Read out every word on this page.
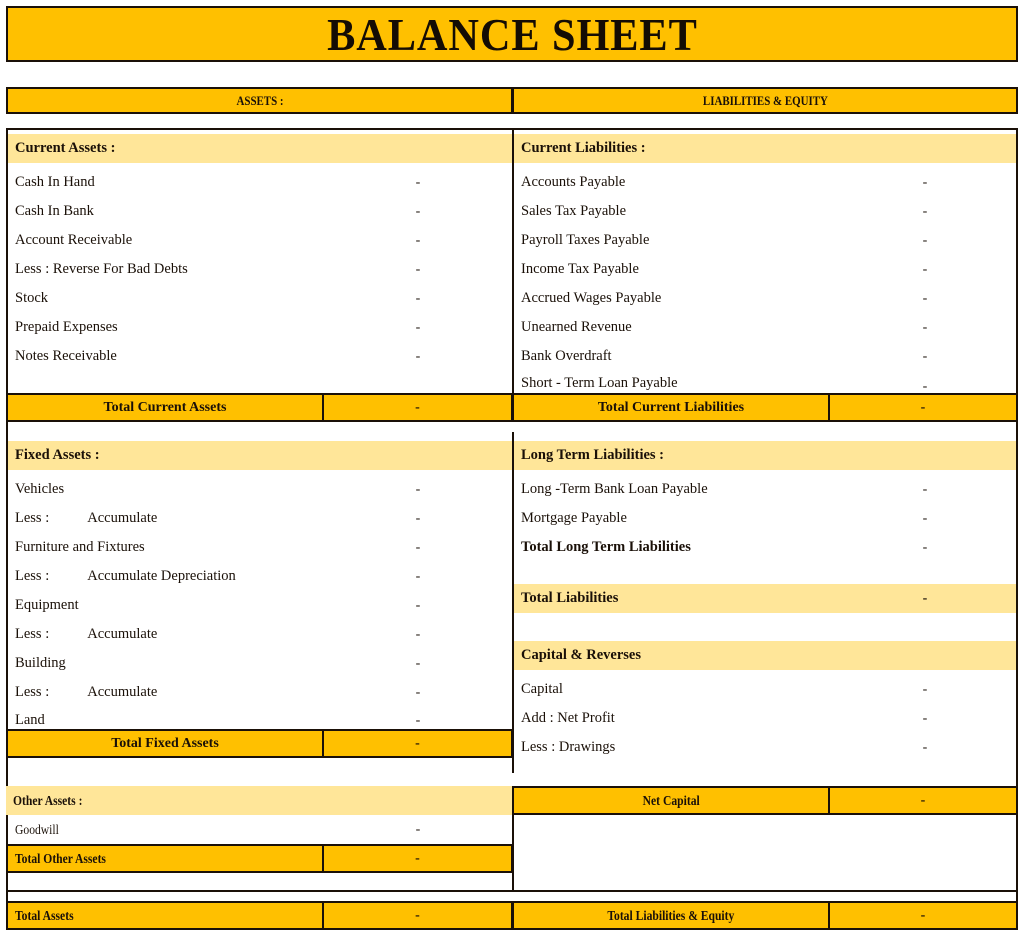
BALANCE SHEET
ASSETS :	LIABILITIES & EQUITY
Current Assets :
Cash In Hand	-
Cash In Bank	-
Account Receivable	-
Less : Reverse For Bad Debts	-
Stock	-
Prepaid Expenses	-
Notes Receivable	-
Total Current Assets	-
Fixed Assets :
Vehicles	-
Less :	Accumulate	-
Furniture and Fixtures	-
Less :	Accumulate Depreciation	-
Equipment	-
Less :	Accumulate	-
Building	-
Less :	Accumulate	-
Land	-
Total Fixed Assets	-
Other Assets :
Goodwill	-
Total Other Assets	-
Total Assets	-
Current Liabilities :
Accounts Payable	-
Sales Tax Payable	-
Payroll Taxes Payable	-
Income Tax Payable	-
Accrued Wages Payable	-
Unearned Revenue	-
Bank Overdraft	-
Short - Term Loan Payable	-
Total Current Liabilities	-
Long Term Liabilities :
Long -Term Bank Loan Payable	-
Mortgage Payable	-
Total Long Term Liabilities	-
Total Liabilities	-
Capital & Reverses
Capital	-
Add : Net Profit	-
Less : Drawings	-
Net Capital	-
Total Liabilities & Equity	-
